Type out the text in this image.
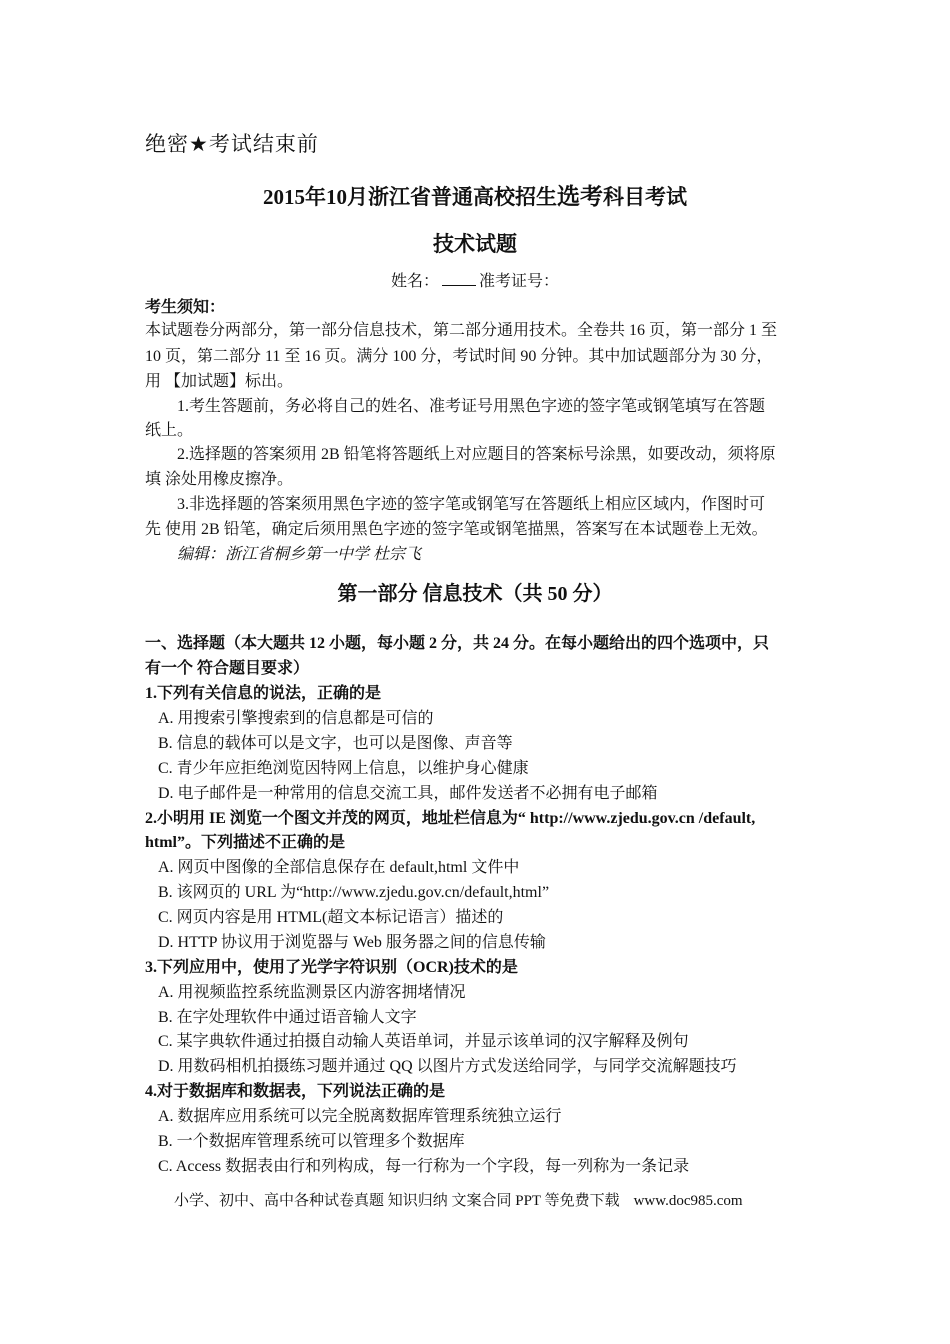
绝密★考试结束前
2015年10月浙江省普通高校招生选考科目考试
技术试题
姓名：	准考证号：
考生须知：
本试题卷分两部分，第一部分信息技术，第二部分通用技术。全卷共 16 页，第一部分 1 至
10 页，第二部分 11 至 16 页。满分 100 分，考试时间 90 分钟。其中加试题部分为 30 分，
用 【加试题】标出。
1.考生答题前，务必将自己的姓名、准考证号用黑色字迹的签字笔或钢笔填写在答题
纸上。
2.选择题的答案须用 2B 铅笔将答题纸上对应题目的答案标号涂黑，如要改动，须将原
填 涂处用橡皮擦净。
3.非选择题的答案须用黑色字迹的签字笔或钢笔写在答题纸上相应区域内，作图时可
先 使用 2B 铅笔，确定后须用黑色字迹的签字笔或钢笔描黑，答案写在本试题卷上无效。
编辑：浙江省桐乡第一中学 杜宗飞
第一部分 信息技术（共 50 分）
一、选择题（本大题共 12 小题，每小题 2 分，共 24 分。在每小题给出的四个选项中，只
有一个 符合题目要求）
1.下列有关信息的说法，正确的是
A. 用搜索引擎搜索到的信息都是可信的
B. 信息的载体可以是文字，也可以是图像、声音等
C. 青少年应拒绝浏览因特网上信息，以维护身心健康
D. 电子邮件是一种常用的信息交流工具，邮件发送者不必拥有电子邮箱
2.小明用 IE 浏览一个图文并茂的网页，地址栏信息为“ http://www.zjedu.gov.cn /default,
html”。下列描述不正确的是
A. 网页中图像的全部信息保存在 default,html 文件中
B. 该网页的 URL 为“http://www.zjedu.gov.cn/default,html”
C. 网页内容是用 HTML(超文本标记语言）描述的
D. HTTP 协议用于浏览器与 Web 服务器之间的信息传输
3.下列应用中，使用了光学字符识别（OCR)技术的是
A. 用视频监控系统监测景区内游客拥堵情况
B. 在字处理软件中通过语音输人文字
C. 某字典软件通过拍摄自动输人英语单词，并显示该单词的汉字解释及例句
D. 用数码相机拍摄练习题并通过 QQ 以图片方式发送给同学，与同学交流解题技巧
4.对于数据库和数据表，下列说法正确的是
A. 数据库应用系统可以完全脱离数据库管理系统独立运行
B. 一个数据库管理系统可以管理多个数据库
C. Access 数据表由行和列构成，每一行称为一个字段，每一列称为一条记录
小学、初中、高中各种试卷真题 知识归纳 文案合同 PPT 等免费下载 www.doc985.com
